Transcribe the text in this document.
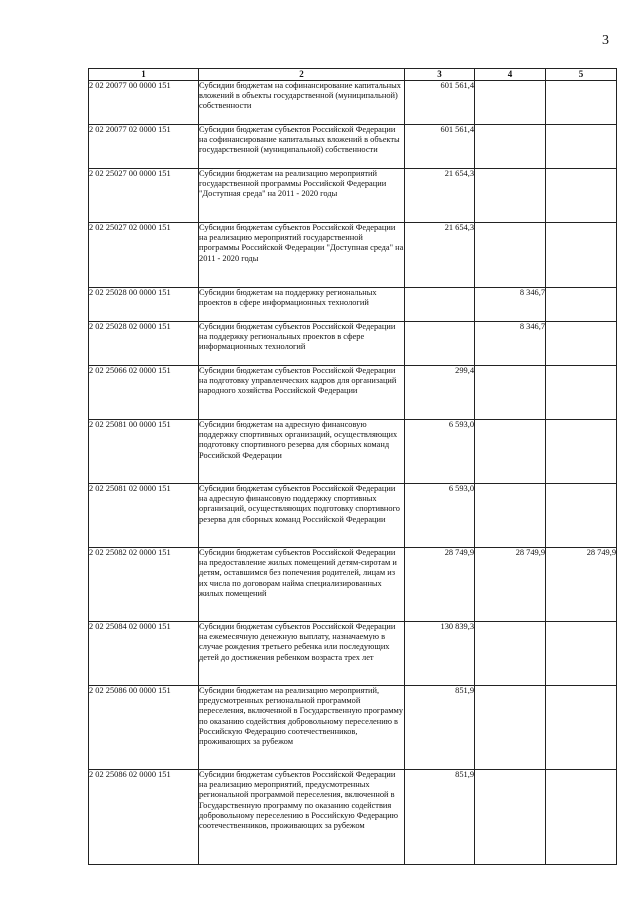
3
1	2	3	4	5
2 02 20077 00 0000 151	Субсидии бюджетам на софинансирование капитальных вложений в объекты государственной (муниципальной) собственности	601 561,4		
2 02 20077 02 0000 151	Субсидии бюджетам субъектов Российской Федерации на софинансирование капитальных вложений в объекты государственной (муниципальной) собственности	601 561,4		
2 02 25027 00 0000 151	Субсидии бюджетам на реализацию мероприятий государственной программы Российской Федерации "Доступная среда" на 2011 - 2020 годы	21 654,3		
2 02 25027 02 0000 151	Субсидии бюджетам субъектов Российской Федерации на реализацию мероприятий государственной программы Российской Федерации "Доступная среда" на 2011 - 2020 годы	21 654,3		
2 02 25028 00 0000 151	Субсидии бюджетам на поддержку региональных проектов в сфере информационных технологий		8 346,7	
2 02 25028 02 0000 151	Субсидии бюджетам субъектов Российской Федерации на поддержку региональных проектов в сфере информационных технологий		8 346,7	
2 02 25066 02 0000 151	Субсидии бюджетам субъектов Российской Федерации на подготовку управленческих кадров для организаций народного хозяйства Российской Федерации	299,4		
2 02 25081 00 0000 151	Субсидии бюджетам на адресную финансовую поддержку спортивных организаций, осуществляющих подготовку спортивного резерва для сборных команд Российской Федерации	6 593,0		
2 02 25081 02 0000 151	Субсидии бюджетам субъектов Российской Федерации на адресную финансовую поддержку спортивных организаций, осуществляющих подготовку спортивного резерва для сборных команд Российской Федерации	6 593,0		
2 02 25082 02 0000 151	Субсидии бюджетам субъектов Российской Федерации на предоставление жилых помещений детям-сиротам и детям, оставшимся без попечения родителей, лицам из их числа по договорам найма специализированных жилых помещений	28 749,9	28 749,9	28 749,9
2 02 25084 02 0000 151	Субсидии бюджетам субъектов Российской Федерации на ежемесячную денежную выплату, назначаемую в случае рождения третьего ребенка или последующих детей до достижения ребенком возраста трех лет	130 839,3		
2 02 25086 00 0000 151	Субсидии бюджетам на реализацию мероприятий, предусмотренных региональной программой переселения, включенной в Государственную программу по оказанию содействия добровольному переселению в Российскую Федерацию соотечественников, проживающих за рубежом	851,9		
2 02 25086 02 0000 151	Субсидии бюджетам субъектов Российской Федерации на реализацию мероприятий, предусмотренных региональной программой переселения, включенной в Государственную программу по оказанию содействия добровольному переселению в Российскую Федерацию соотечественников, проживающих за рубежом	851,9		
